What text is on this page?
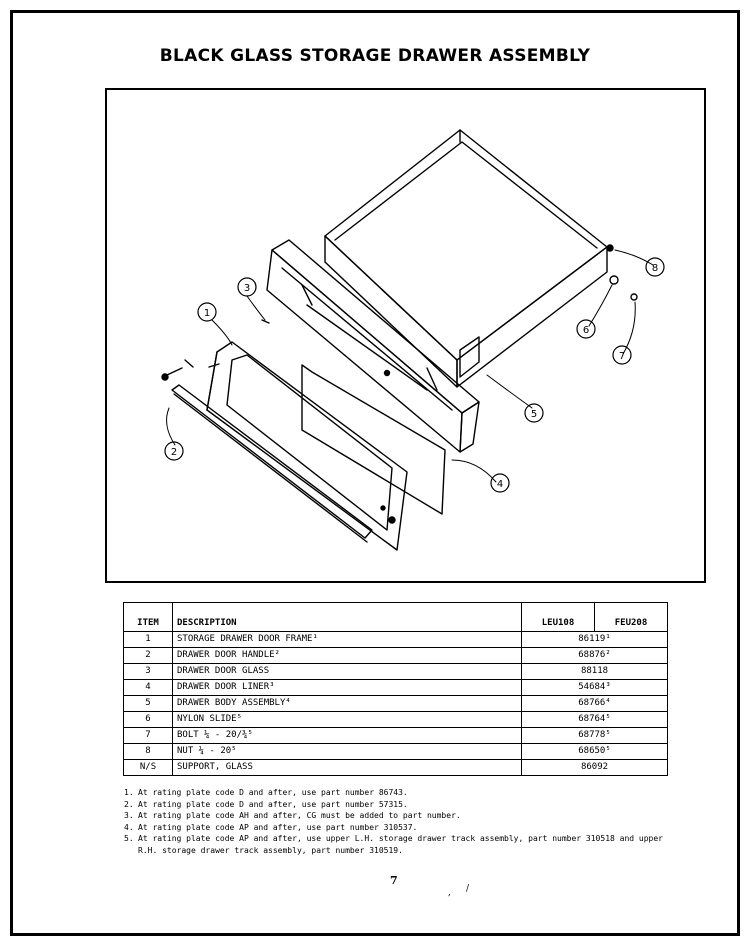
BLACK GLASS STORAGE DRAWER ASSEMBLY
1
2
3
4
5
6
7
8
ITEM	DESCRIPTION	LEU108	FEU208
1	STORAGE DRAWER DOOR FRAME¹	86119¹	
2	DRAWER DOOR HANDLE²	68876²	
3	DRAWER DOOR GLASS	88118	
4	DRAWER DOOR LINER³	54684³	
5	DRAWER BODY ASSEMBLY⁴	68766⁴	
6	NYLON SLIDE⁵	68764⁵	
7	BOLT ¼ - 20/¾⁵	68778⁵	
8	NUT ¼ - 20⁵	68650⁵	
N/S	SUPPORT, GLASS	86092	
1. At rating plate code D and after, use part number 86743.
2. At rating plate code D and after, use part number 57315.
3. At rating plate code AH and after, CG must be added to part number.
4. At rating plate code AP and after, use part number 310537.
5. At rating plate code AP and after, use upper L.H. storage drawer track assembly, part number 310518 and upper R.H. storage drawer track assembly, part number 310519.
7
, /
